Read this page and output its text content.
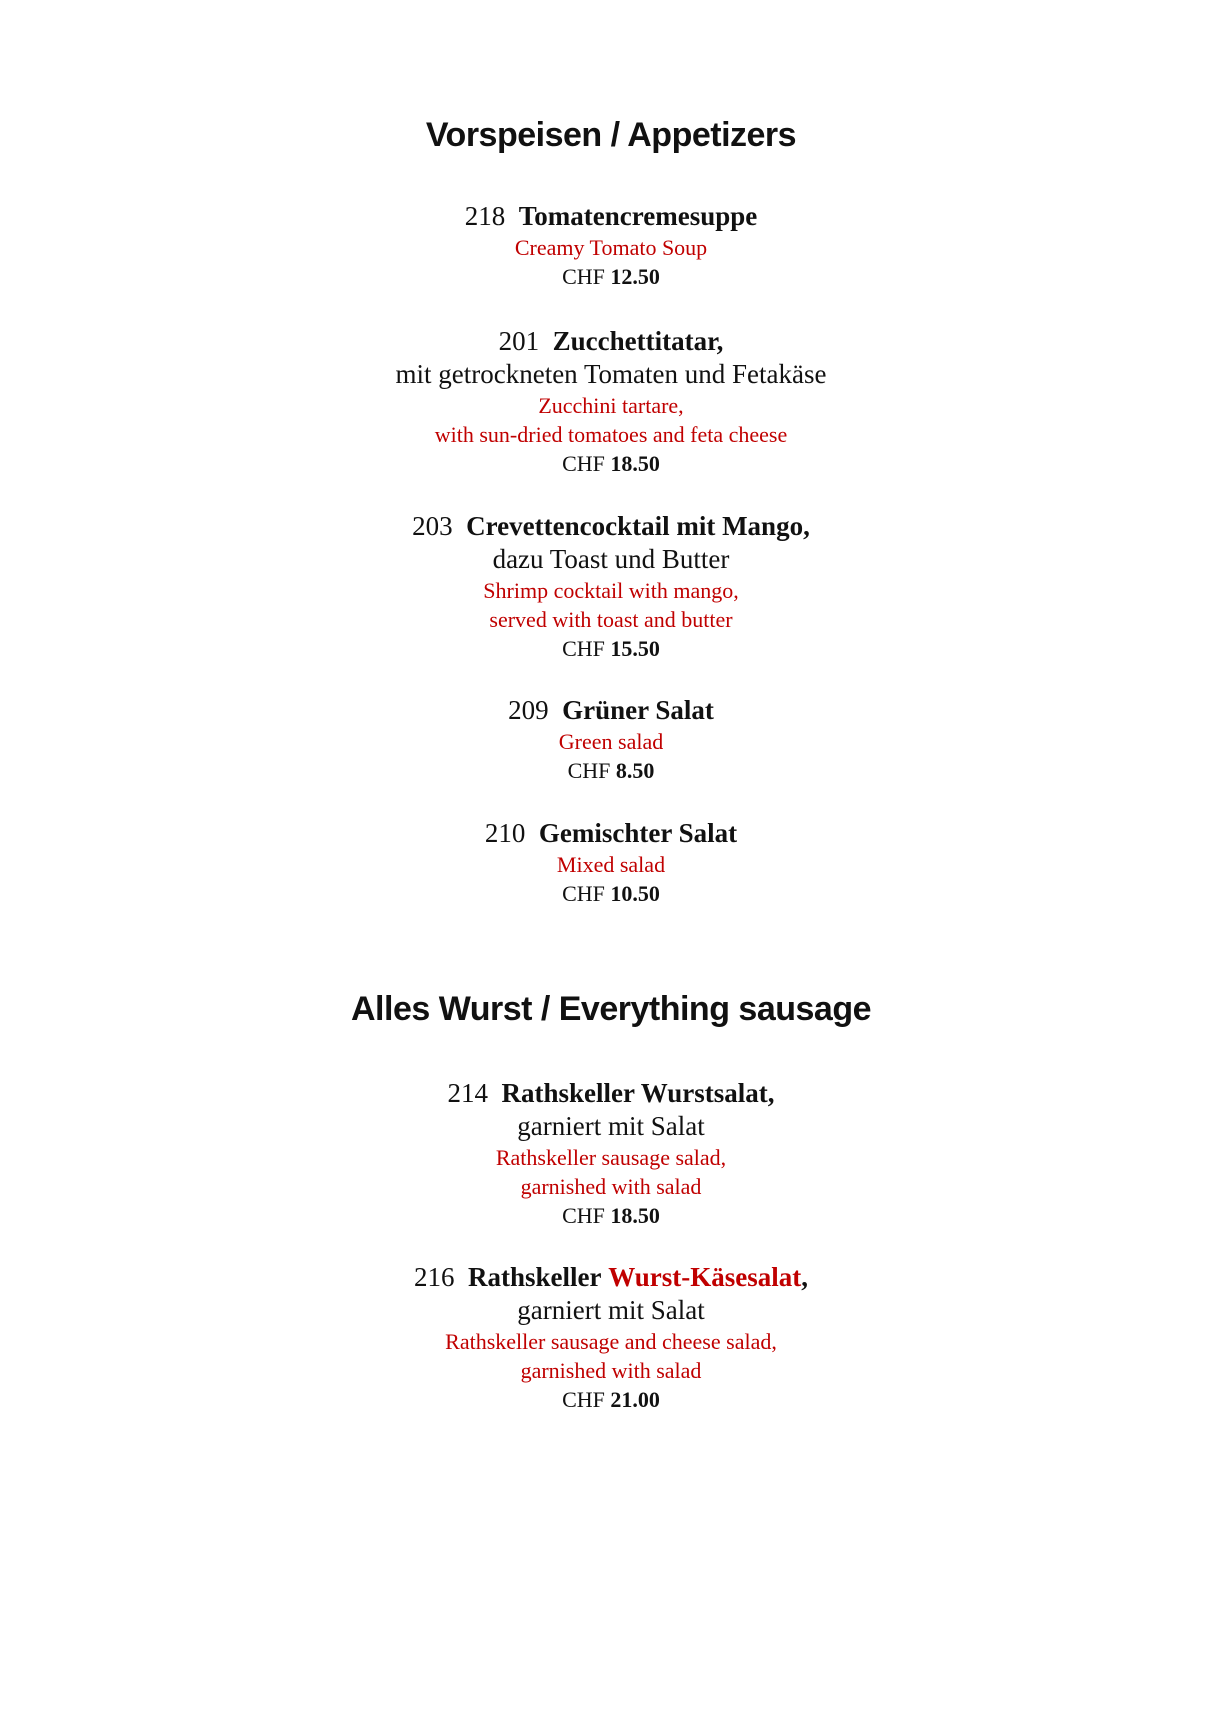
Vorspeisen / Appetizers
218 Tomatencremesuppe
Creamy Tomato Soup
CHF 12.50
201 Zucchettitatar,
mit getrockneten Tomaten und Fetakäse
Zucchini tartare,
with sun-dried tomatoes and feta cheese
CHF 18.50
203 Crevettencocktail mit Mango,
dazu Toast und Butter
Shrimp cocktail with mango,
served with toast and butter
CHF 15.50
209 Grüner Salat
Green salad
CHF 8.50
210 Gemischter Salat
Mixed salad
CHF 10.50
Alles Wurst / Everything sausage
214 Rathskeller Wurstsalat,
garniert mit Salat
Rathskeller sausage salad,
garnished with salad
CHF 18.50
216 Rathskeller Wurst-Käsesalat,
garniert mit Salat
Rathskeller sausage and cheese salad,
garnished with salad
CHF 21.00
